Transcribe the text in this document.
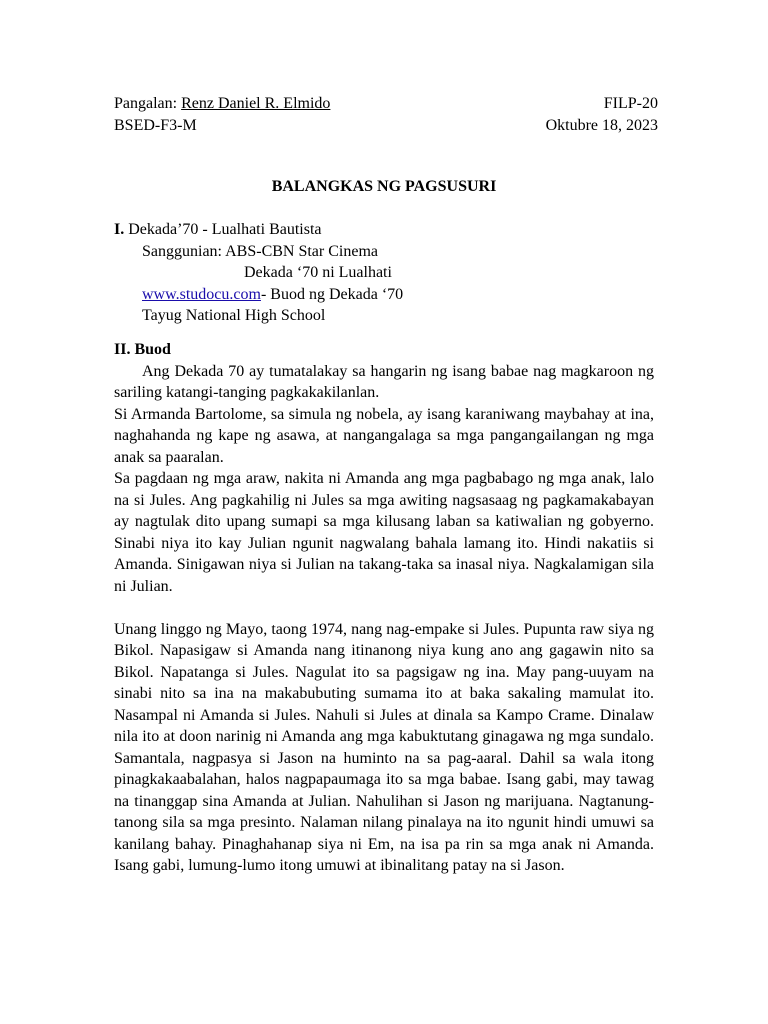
Pangalan: Renz Daniel R. Elmido
BSED-F3-M
FILP-20
Oktubre 18, 2023
BALANGKAS NG PAGSUSURI
I. Dekada’70 - Lualhati Bautista
Sanggunian: ABS-CBN Star Cinema
Dekada ‘70 ni Lualhati
www.studocu.com- Buod ng Dekada ‘70
Tayug National High School
II. Buod

Ang Dekada 70 ay tumatalakay sa hangarin ng isang babae nag magkaroon ng sariling katangi-tanging pagkakakilanlan.

Si Armanda Bartolome, sa simula ng nobela, ay isang karaniwang maybahay at ina, naghahanda ng kape ng asawa, at nangangalaga sa mga pangangailangan ng mga anak sa paaralan.

Sa pagdaan ng mga araw, nakita ni Amanda ang mga pagbabago ng mga anak, lalo na si Jules. Ang pagkahilig ni Jules sa mga awiting nagsasaag ng pagkamakabayan ay nagtulak dito upang sumapi sa mga kilusang laban sa katiwalian ng gobyerno. Sinabi niya ito kay Julian ngunit nagwalang bahala lamang ito. Hindi nakatiis si Amanda. Sinigawan niya si Julian na takang-taka sa inasal niya. Nagkalamigan sila ni Julian.

Unang linggo ng Mayo, taong 1974, nang nag-empake si Jules. Pupunta raw siya ng Bikol. Napasigaw si Amanda nang itinanong niya kung ano ang gagawin nito sa Bikol. Napatanga si Jules. Nagulat ito sa pagsigaw ng ina. May pang-uuyam na sinabi nito sa ina na makabubuting sumama ito at baka sakaling mamulat ito. Nasampal ni Amanda si Jules. Nahuli si Jules at dinala sa Kampo Crame. Dinalaw nila ito at doon narinig ni Amanda ang mga kabuktutang ginagawa ng mga sundalo. Samantala, nagpasya si Jason na huminto na sa pag-aaral. Dahil sa wala itong pinagkakaabalahan, halos nagpapaumaga ito sa mga babae. Isang gabi, may tawag na tinanggap sina Amanda at Julian. Nahulihan si Jason ng marijuana. Nagtanung-tanong sila sa mga presinto. Nalaman nilang pinalaya na ito ngunit hindi umuwi sa kanilang bahay. Pinaghahanap siya ni Em, na isa pa rin sa mga anak ni Amanda. Isang gabi, lumung-lumo itong umuwi at ibinalitang patay na si Jason.
